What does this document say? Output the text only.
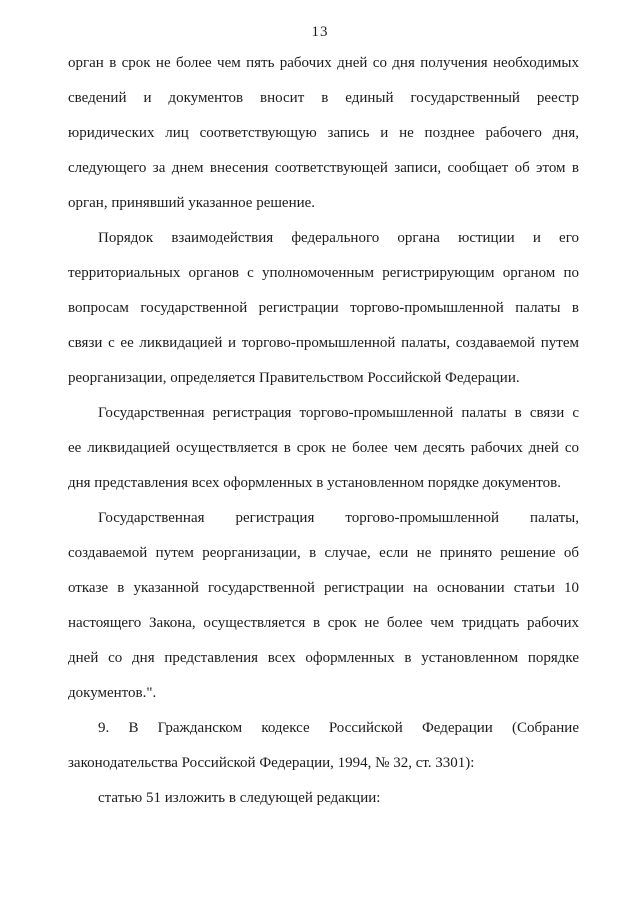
13

орган в срок не более чем пять рабочих дней со дня получения необходимых
сведений и документов вносит в единый государственный реестр
юридических лиц соответствующую запись и не позднее рабочего дня,
следующего за днем внесения соответствующей записи, сообщает об этом в
орган, принявший указанное решение.

Порядок взаимодействия федерального органа юстиции и его
территориальных органов с уполномоченным регистрирующим органом по
вопросам государственной регистрации торгово-промышленной палаты в
связи с ее ликвидацией и торгово-промышленной палаты, создаваемой путем
реорганизации, определяется Правительством Российской Федерации.

Государственная регистрация торгово-промышленной палаты в связи с
ее ликвидацией осуществляется в срок не более чем десять рабочих дней со
дня представления всех оформленных в установленном порядке документов.

Государственная регистрация торгово-промышленной палаты,
создаваемой путем реорганизации, в случае, если не принято решение об
отказе в указанной государственной регистрации на основании статьи 10
настоящего Закона, осуществляется в срок не более чем тридцать рабочих
дней со дня представления всех оформленных в установленном порядке
документов.".

9. В Гражданском кодексе Российской Федерации (Собрание
законодательства Российской Федерации, 1994, № 32, ст. 3301):

статью 51 изложить в следующей редакции:
